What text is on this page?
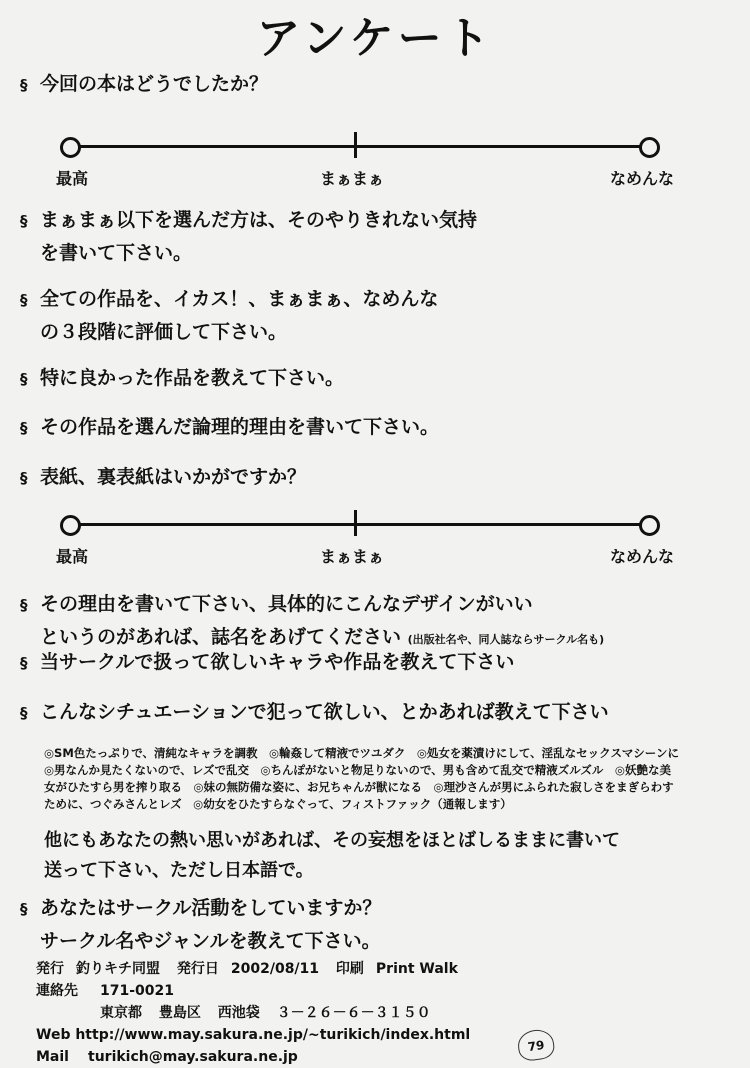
アンケート
§ 今回の本はどうでしたか？
最高	まぁまぁ	なめんな
§ まぁまぁ以下を選んだ方は、そのやりきれない気持
を書いて下さい。
§ 全ての作品を、イカス！、まぁまぁ、なめんな
の３段階に評価して下さい。
§ 特に良かった作品を教えて下さい。
§ その作品を選んだ論理的理由を書いて下さい。
§ 表紙、裏表紙はいかがですか？
最高	まぁまぁ	なめんな
§ その理由を書いて下さい、具体的にこんなデザインがいい
というのがあれば、誌名をあげてください (出版社名や、同人誌ならサークル名も)
§ 当サークルで扱って欲しいキャラや作品を教えて下さい
§ こんなシチュエーションで犯って欲しい、とかあれば教えて下さい
◎SM色たっぷりで、清純なキャラを調教　◎輪姦して精液でツユダク　◎処女を薬漬けにして、淫乱なセックスマシーンに
◎男なんか見たくないので、レズで乱交　◎ちんぽがないと物足りないので、男も含めて乱交で精液ズルズル　◎妖艶な美
女がひたすら男を搾り取る　◎妹の無防備な姿に、お兄ちゃんが獣になる　◎理沙さんが男にふられた寂しさをまぎらわす
ために、つぐみさんとレズ　◎幼女をひたすらなぐって、フィストファック（通報します）
他にもあなたの熱い思いがあれば、その妄想をほとばしるままに書いて
送って下さい、ただし日本語で。
§ あなたはサークル活動をしていますか？
サークル名やジャンルを教えて下さい。
発行 釣りキチ同盟 発行日 2002/08/11 印刷 Print Walk
連絡先 171-0021
東京都 豊島区 西池袋 ３－２６－６－３１５０
Web http://www.may.sakura.ne.jp/~turikich/index.html
Mail turikich@may.sakura.ne.jp
79
